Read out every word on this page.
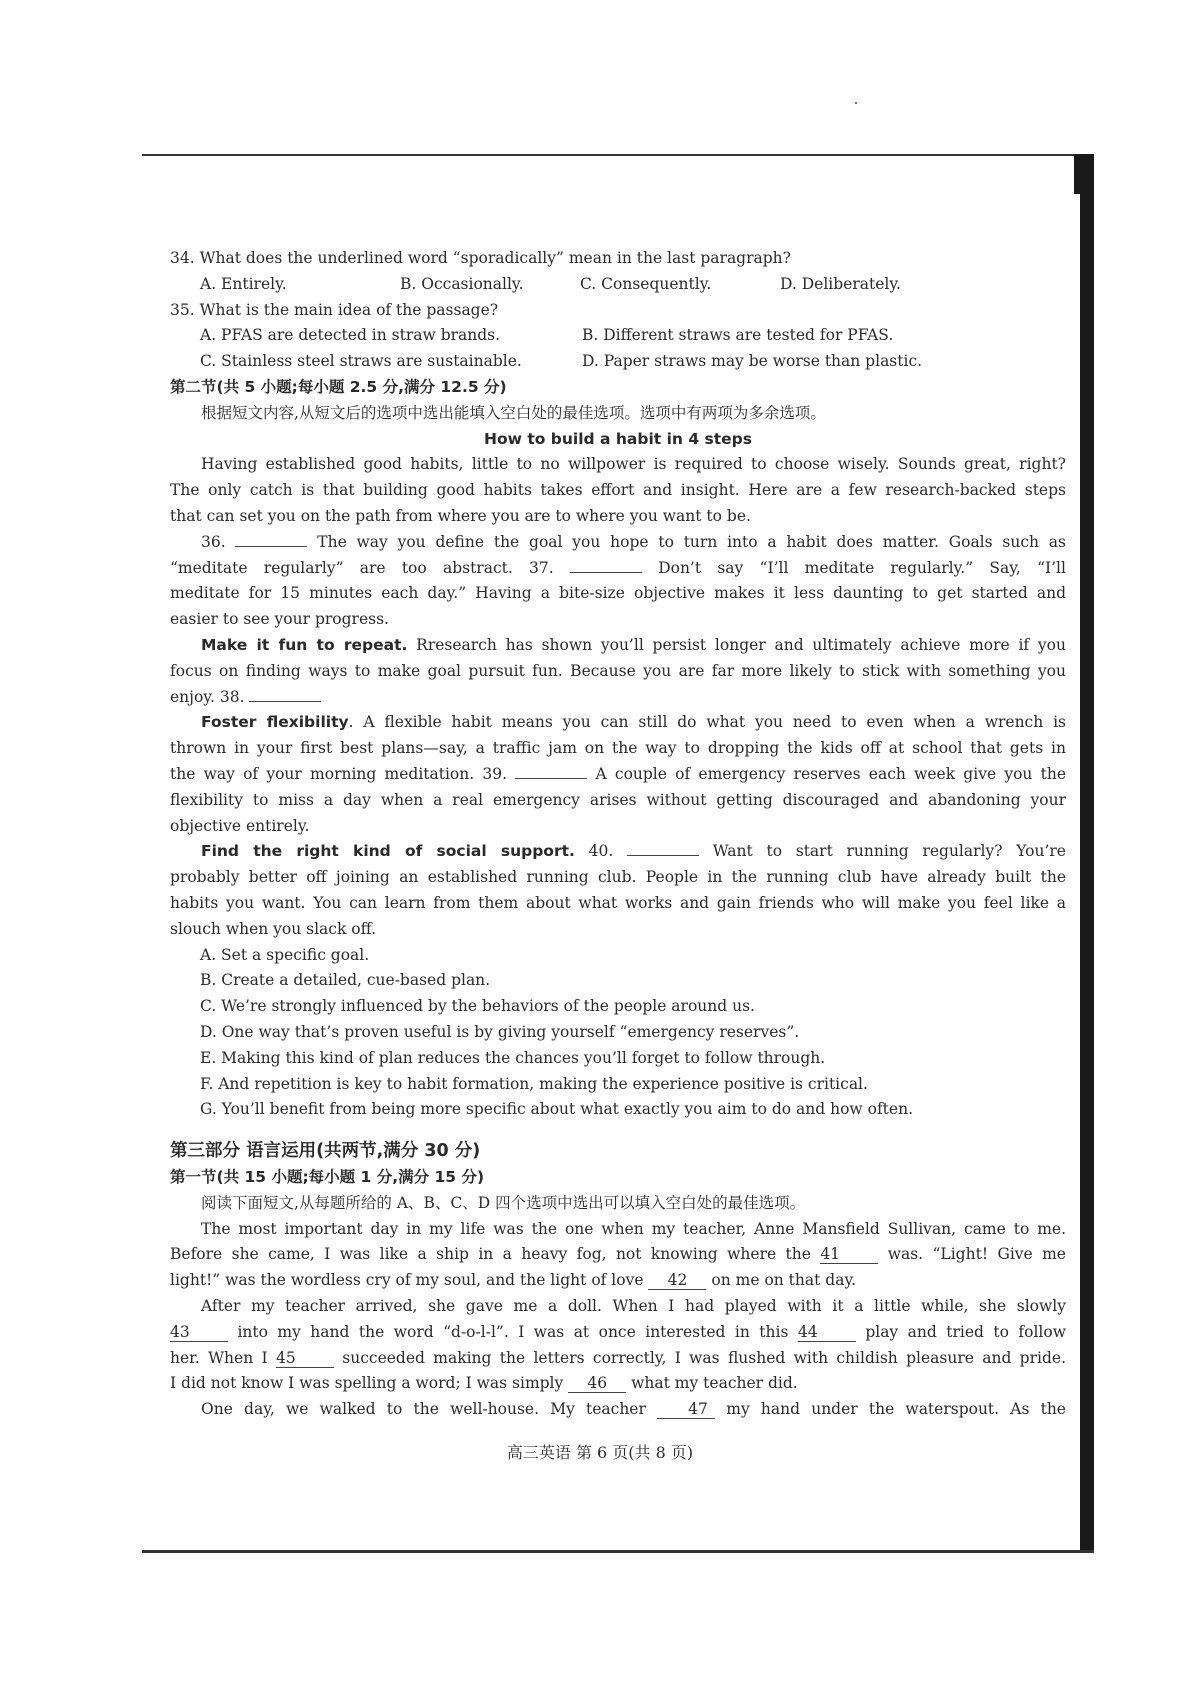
34. What does the underlined word “sporadically” mean in the last paragraph?
A. Entirely.	B. Occasionally.	C. Consequently.	D. Deliberately.
35. What is the main idea of the passage?
A. PFAS are detected in straw brands.	B. Different straws are tested for PFAS.
C. Stainless steel straws are sustainable.	D. Paper straws may be worse than plastic.
第二节(共 5 小题;每小题 2.5 分,满分 12.5 分)
根据短文内容,从短文后的选项中选出能填入空白处的最佳选项。选项中有两项为多余选项。
How to build a habit in 4 steps
Having established good habits, little to no willpower is required to choose wisely. Sounds great, right?
The only catch is that building good habits takes effort and insight. Here are a few research-backed steps
that can set you on the path from where you are to where you want to be.
36.	The way you define the goal you hope to turn into a habit does matter. Goals such as
“meditate regularly” are too abstract. 37.	Don’t say “I’ll meditate regularly.” Say, “I’ll
meditate for 15 minutes each day.” Having a bite-size objective makes it less daunting to get started and
easier to see your progress.
Make it fun to repeat. Rresearch has shown you’ll persist longer and ultimately achieve more if you
focus on finding ways to make goal pursuit fun. Because you are far more likely to stick with something you
enjoy. 38.
Foster flexibility. A flexible habit means you can still do what you need to even when a wrench is
thrown in your first best plans—say, a traffic jam on the way to dropping the kids off at school that gets in
the way of your morning meditation. 39.	A couple of emergency reserves each week give you the
flexibility to miss a day when a real emergency arises without getting discouraged and abandoning your
objective entirely.
Find the right kind of social support. 40.	Want to start running regularly? You’re
probably better off joining an established running club. People in the running club have already built the
habits you want. You can learn from them about what works and gain friends who will make you feel like a
slouch when you slack off.
A. Set a specific goal.
B. Create a detailed, cue-based plan.
C. We’re strongly influenced by the behaviors of the people around us.
D. One way that’s proven useful is by giving yourself “emergency reserves”.
E. Making this kind of plan reduces the chances you’ll forget to follow through.
F. And repetition is key to habit formation, making the experience positive is critical.
G. You’ll benefit from being more specific about what exactly you aim to do and how often.
第三部分 语言运用(共两节,满分 30 分)
第一节(共 15 小题;每小题 1 分,满分 15 分)
阅读下面短文,从每题所给的 A、B、C、D 四个选项中选出可以填入空白处的最佳选项。
The most important day in my life was the one when my teacher, Anne Mansfield Sullivan, came to me.
Before she came, I was like a ship in a heavy fog, not knowing where the 41	was. “Light! Give me
light!” was the wordless cry of my soul, and the light of love 42 on me on that day.
After my teacher arrived, she gave me a doll. When I had played with it a little while, she slowly
43	into my hand the word “d-o-l-l”. I was at once interested in this 44	play and tried to follow
her. When I 45	succeeded making the letters correctly, I was flushed with childish pleasure and pride.
I did not know I was spelling a word; I was simply 46 what my teacher did.
One day, we walked to the well-house. My teacher	47 my hand under the waterspout. As the
高三英语 第 6 页(共 8 页)
